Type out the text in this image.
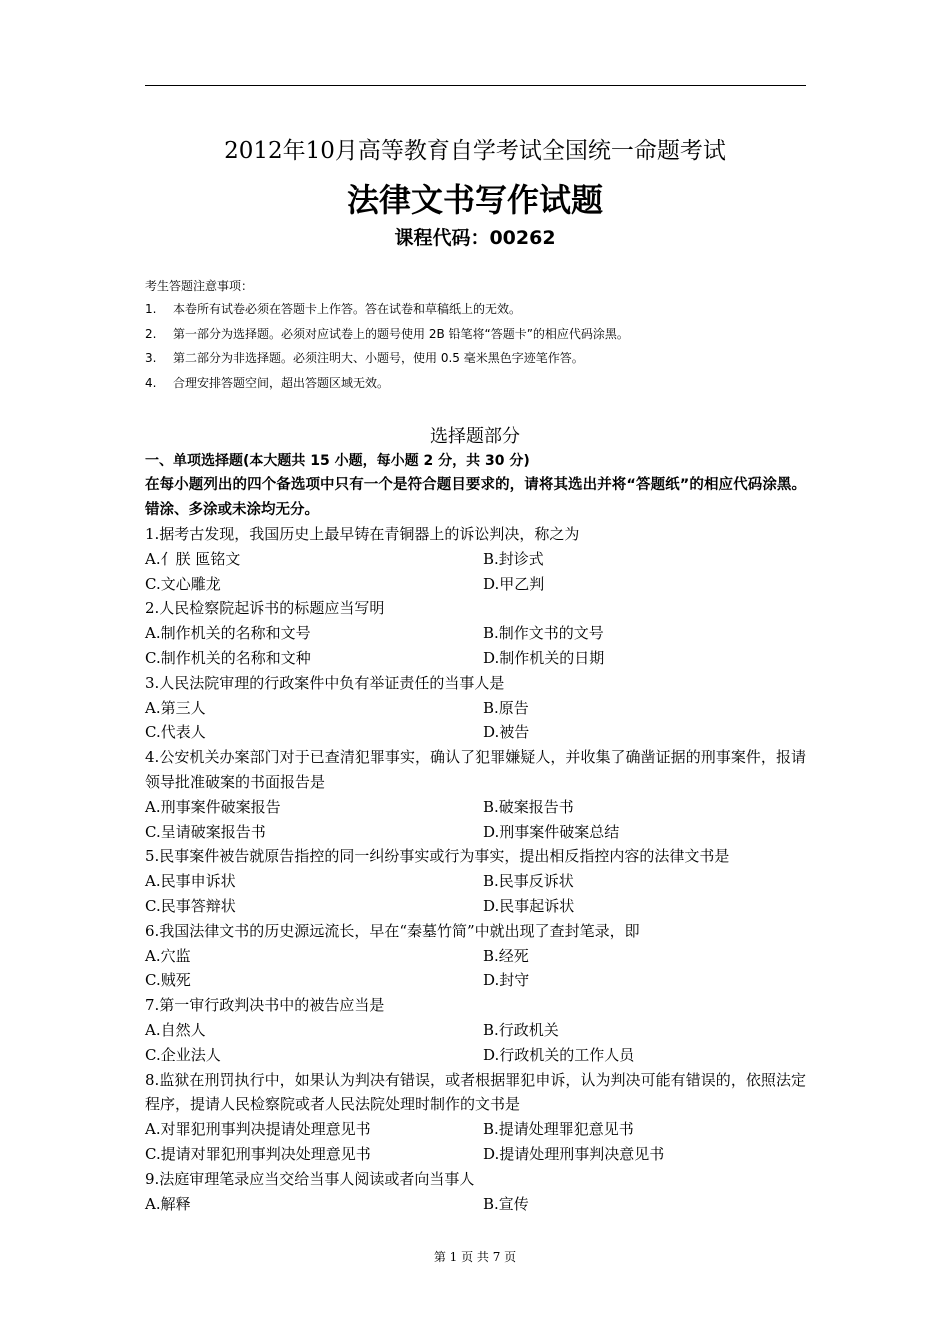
2012年10月高等教育自学考试全国统一命题考试
法律文书写作试题
课程代码：00262
考生答题注意事项：
1. 本卷所有试卷必须在答题卡上作答。答在试卷和草稿纸上的无效。
2. 第一部分为选择题。必须对应试卷上的题号使用 2B 铅笔将“答题卡”的相应代码涂黑。
3. 第二部分为非选择题。必须注明大、小题号，使用 0.5 毫米黑色字迹笔作答。
4. 合理安排答题空间，超出答题区域无效。
选择题部分
一、单项选择题(本大题共 15 小题，每小题 2 分，共 30 分)
在每小题列出的四个备选项中只有一个是符合题目要求的，请将其选出并将“答题纸”的相应代码涂黑。错涂、多涂或未涂均无分。
1.据考古发现，我国历史上最早铸在青铜器上的诉讼判决，称之为
A.亻朕 匜铭文	B.封诊式
C.文心雕龙	D.甲乙判
2.人民检察院起诉书的标题应当写明
A.制作机关的名称和文号	B.制作文书的文号
C.制作机关的名称和文种	D.制作机关的日期
3.人民法院审理的行政案件中负有举证责任的当事人是
A.第三人	B.原告
C.代表人	D.被告
4.公安机关办案部门对于已查清犯罪事实，确认了犯罪嫌疑人，并收集了确凿证据的刑事案件，报请领导批准破案的书面报告是
A.刑事案件破案报告	B.破案报告书
C.呈请破案报告书	D.刑事案件破案总结
5.民事案件被告就原告指控的同一纠纷事实或行为事实，提出相反指控内容的法律文书是
A.民事申诉状	B.民事反诉状
C.民事答辩状	D.民事起诉状
6.我国法律文书的历史源远流长，早在“秦墓竹简”中就出现了查封笔录，即
A.穴监	B.经死
C.贼死	D.封守
7.第一审行政判决书中的被告应当是
A.自然人	B.行政机关
C.企业法人	D.行政机关的工作人员
8.监狱在刑罚执行中，如果认为判决有错误，或者根据罪犯申诉，认为判决可能有错误的，依照法定程序，提请人民检察院或者人民法院处理时制作的文书是
A.对罪犯刑事判决提请处理意见书	B.提请处理罪犯意见书
C.提请对罪犯刑事判决处理意见书	D.提请处理刑事判决意见书
9.法庭审理笔录应当交给当事人阅读或者向当事人
A.解释	B.宣传
第 1 页 共 7 页
